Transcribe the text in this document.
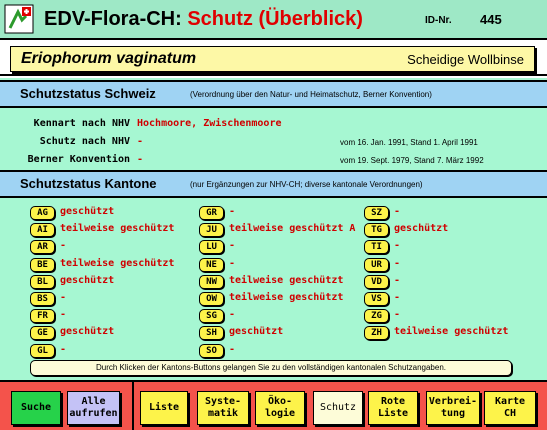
EDV-Flora-CH: Schutz (Überblick)	ID-Nr. 445
Eriophorum vaginatum	Scheidige Wollbinse
Schutzstatus Schweiz	(Verordnung über den Natur- und Heimatschutz, Berner Konvention)
Kennart nach NHV Hochmoore, Zwischenmoore
Schutz nach NHV -	vom 16. Jan. 1991, Stand 1. April 1991
Berner Konvention -	vom 19. Sept. 1979, Stand 7. März 1992
Schutzstatus Kantone	(nur Ergänzungen zur NHV-CH; diverse kantonale Verordnungen)
AG	geschützt
AI	teilweise geschützt
AR	-
BE	teilweise geschützt
BL	geschützt
BS	-
FR	-
GE	geschützt
GL	-
GR	-
JU	teilweise geschützt A
LU	-
NE	-
NW	teilweise geschützt
OW	teilweise geschützt
SG	-
SH	geschützt
SO	-
SZ	-
TG	geschützt
TI	-
UR	-
VD	-
VS	-
ZG	-
ZH	teilweise geschützt
Durch Klicken der Kantons-Buttons gelangen Sie zu den vollständigen kantonalen Schutzangaben.
Suche
Alle
aufrufen
Liste
Syste-
matik
Öko-
logie
Schutz
Rote
Liste
Verbrei-
tung
Karte
CH
